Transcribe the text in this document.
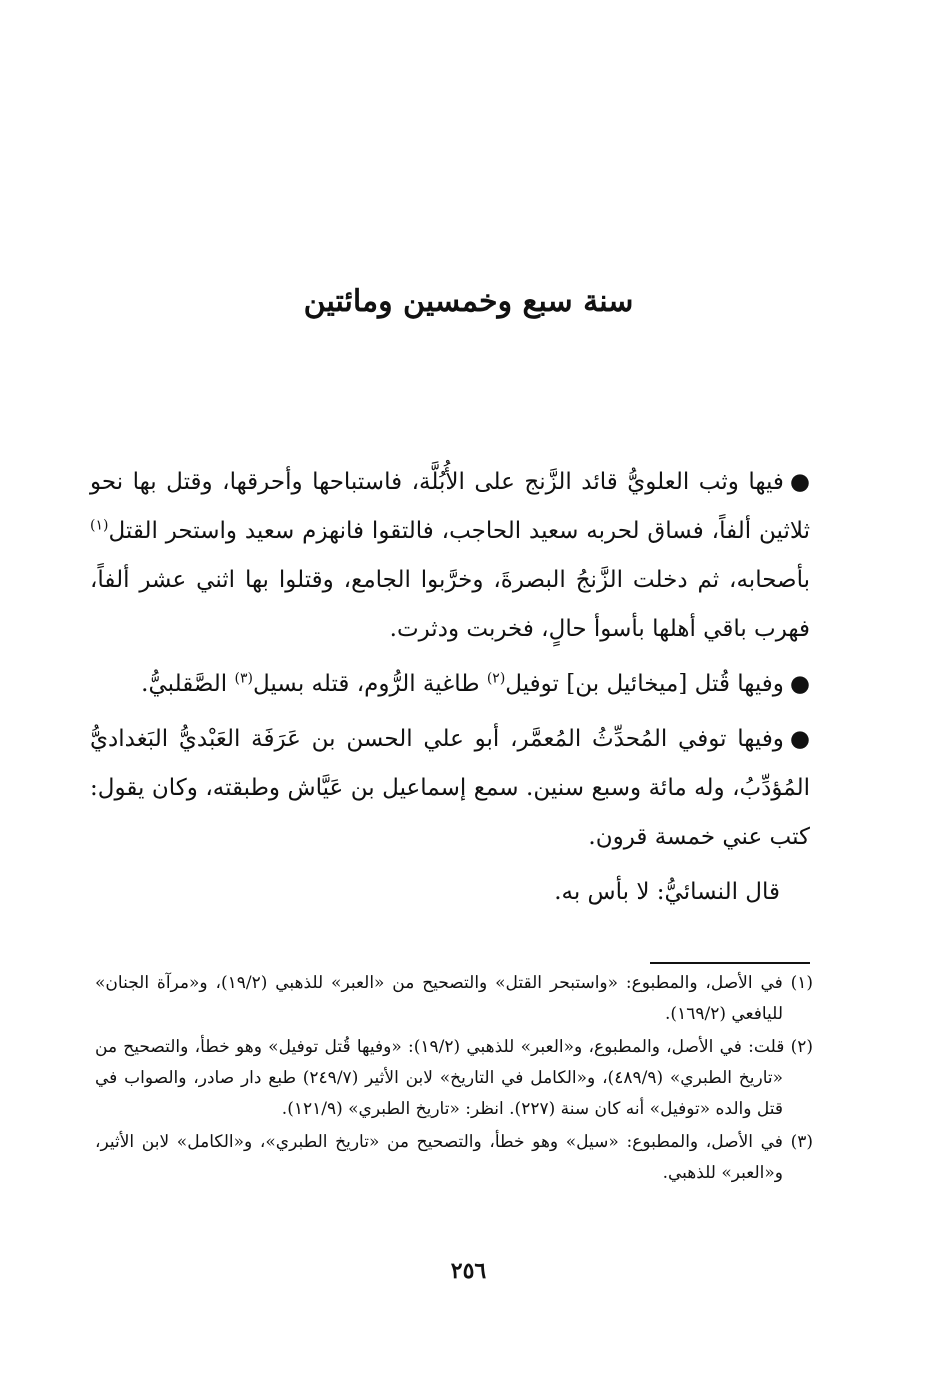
سنة سبع وخمسين ومائتين

●فيها وثب العلويُّ قائد الزَّنج على الأُبُلَّة، فاستباحها وأحرقها، وقتل بها نحو ثلاثين ألفاً، فساق لحربه سعيد الحاجب، فالتقوا فانهزم سعيد واستحر القتل$^{(١)}$ بأصحابه، ثم دخلت الزَّنجُ البصرةَ، وخرَّبوا الجامع، وقتلوا بها اثني عشر ألفاً، فهرب باقي أهلها بأسوأ حالٍ، فخربت ودثرت.

●وفيها قُتل [ميخائيل بن] توفيل$^{(٢)}$ طاغية الرُّوم، قتله بسيل$^{(٣)}$ الصَّقلبيُّ.

●وفيها توفي المُحدِّثُ المُعمَّر، أبو علي الحسن بن عَرَفَة العَبْديُّ البَغداديُّ المُؤدِّبُ، وله مائة وسبع سنين. سمع إسماعيل بن عَيَّاش وطبقته، وكان يقول: كتب عني خمسة قرون.

قال النسائيُّ: لا بأس به.

(١) في الأصل، والمطبوع: «واستبحر القتل» والتصحيح من «العبر» للذهبي (١٩/٢)، و«مرآة الجنان» لليافعي (١٦٩/٢).

(٢) قلت: في الأصل، والمطبوع، و«العبر» للذهبي (١٩/٢): «وفيها قُتل توفيل» وهو خطأ، والتصحيح من «تاريخ الطبري» (٤٨٩/٩)، و«الكامل في التاريخ» لابن الأثير (٢٤٩/٧) طبع دار صادر، والصواب في قتل والده «توفيل» أنه كان سنة (٢٢٧). انظر: «تاريخ الطبري» (١٢١/٩).

(٣) في الأصل، والمطبوع: «سيل» وهو خطأ، والتصحيح من «تاريخ الطبري»، و«الكامل» لابن الأثير، و«العبر» للذهبي.

٢٥٦
